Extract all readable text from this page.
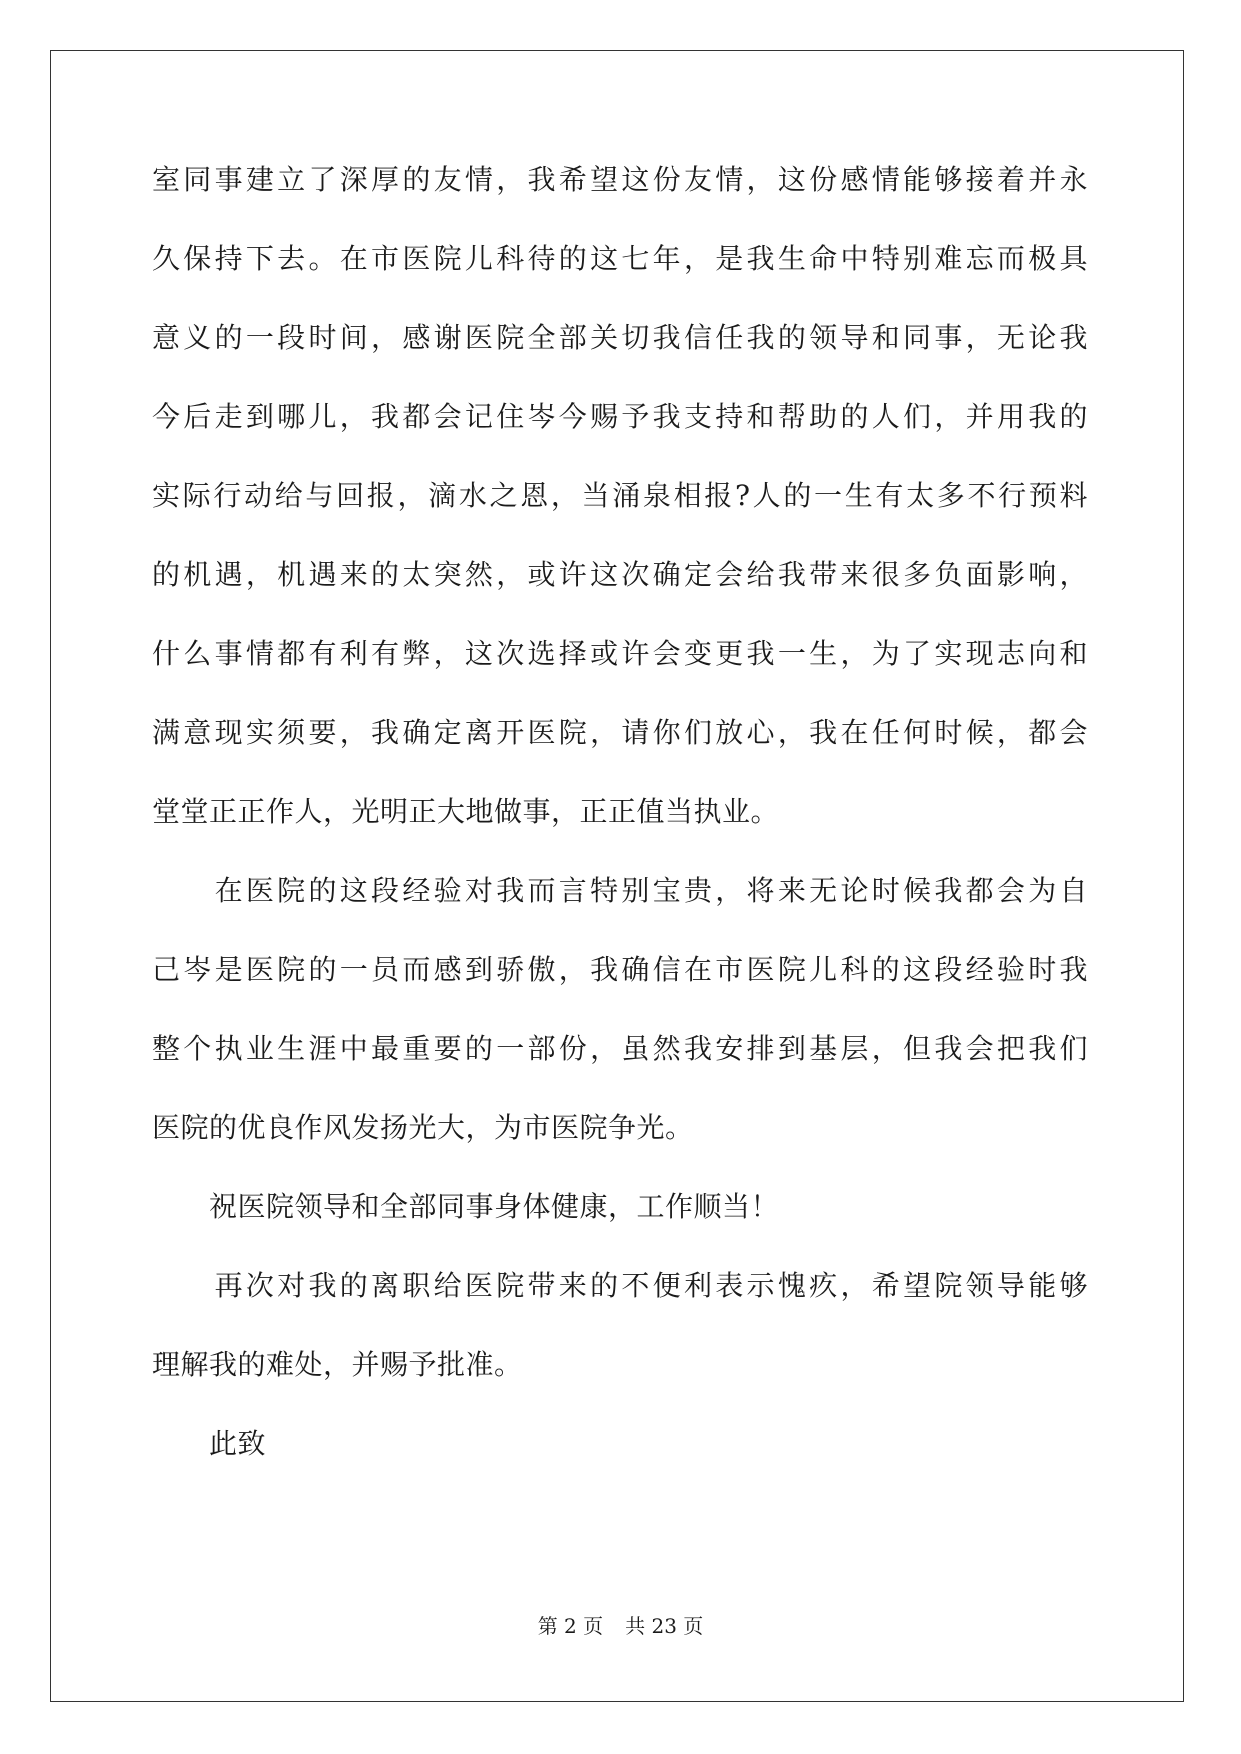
室同事建立了深厚的友情，我希望这份友情，这份感情能够接着并永
久保持下去。在市医院儿科待的这七年，是我生命中特别难忘而极具
意义的一段时间，感谢医院全部关切我信任我的领导和同事，无论我
今后走到哪儿，我都会记住岑今赐予我支持和帮助的人们，并用我的
实际行动给与回报，滴水之恩，当涌泉相报?人的一生有太多不行预料
的机遇，机遇来的太突然，或许这次确定会给我带来很多负面影响，
什么事情都有利有弊，这次选择或许会变更我一生，为了实现志向和
满意现实须要，我确定离开医院，请你们放心，我在任何时候，都会
堂堂正正作人，光明正大地做事，正正值当执业。
　　在医院的这段经验对我而言特别宝贵，将来无论时候我都会为自
己岑是医院的一员而感到骄傲，我确信在市医院儿科的这段经验时我
整个执业生涯中最重要的一部份，虽然我安排到基层，但我会把我们
医院的优良作风发扬光大，为市医院争光。
　　祝医院领导和全部同事身体健康，工作顺当！
　　再次对我的离职给医院带来的不便利表示愧疚，希望院领导能够
理解我的难处，并赐予批准。
　　此致
第 2 页 共 23 页
